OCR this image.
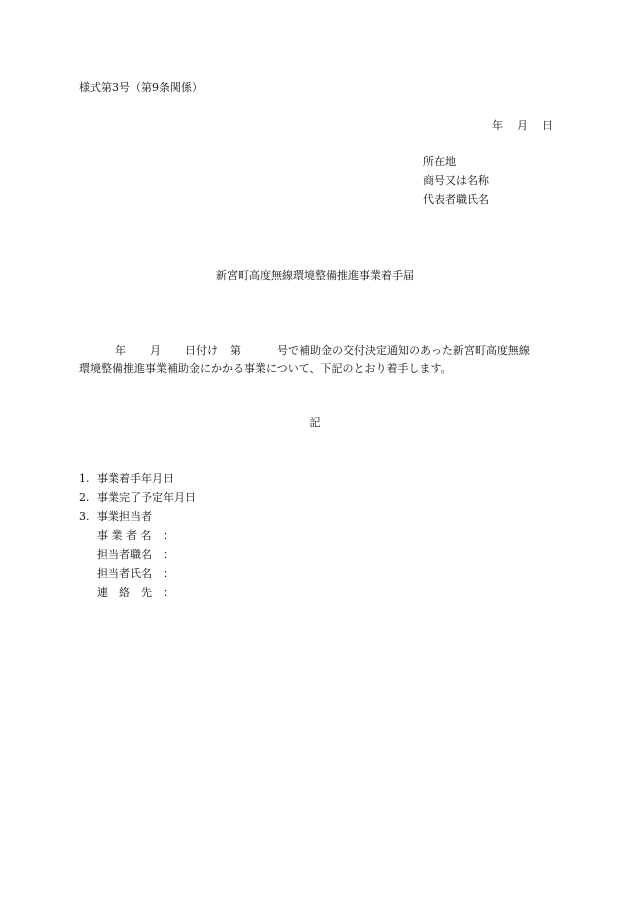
様式第3号（第9条関係）
年 月 日
所在地
商号又は名称
代表者職氏名
新宮町高度無線環境整備推進事業着手届
年 月 日付け 第	号で補助金の交付決定通知のあった新宮町高度無線
環境整備推進事業補助金にかかる事業について、下記のとおり着手します。
記
1. 事業着手年月日
2. 事業完了予定年月日
3. 事業担当者
事 業 者 名	：
担当者職名	：
担当者氏名	：
連　絡　先	：
